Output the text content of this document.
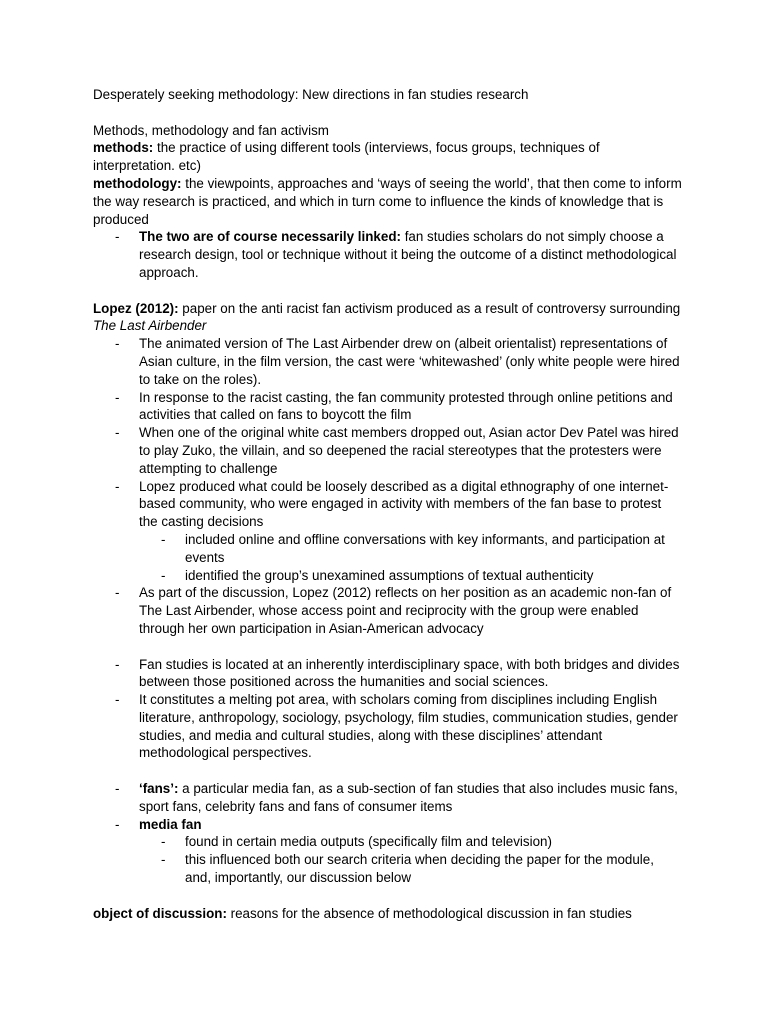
Desperately seeking methodology: New directions in fan studies research

Methods, methodology and fan activism

methods: the practice of using different tools (interviews, focus groups, techniques of interpretation. etc)

methodology: the viewpoints, approaches and ‘ways of seeing the world’, that then come to inform the way research is practiced, and which in turn come to influence the kinds of knowledge that is produced

- The two are of course necessarily linked: fan studies scholars do not simply choose a research design, tool or technique without it being the outcome of a distinct methodological approach.

Lopez (2012): paper on the anti racist fan activism produced as a result of controversy surrounding The Last Airbender

- The animated version of The Last Airbender drew on (albeit orientalist) representations of Asian culture, in the film version, the cast were ‘whitewashed’ (only white people were hired to take on the roles).
- In response to the racist casting, the fan community protested through online petitions and activities that called on fans to boycott the film
- When one of the original white cast members dropped out, Asian actor Dev Patel was hired to play Zuko, the villain, and so deepened the racial stereotypes that the protesters were attempting to challenge
- Lopez produced what could be loosely described as a digital ethnography of one internet-based community, who were engaged in activity with members of the fan base to protest the casting decisions
- included online and offline conversations with key informants, and participation at events
- identified the group’s unexamined assumptions of textual authenticity
- As part of the discussion, Lopez (2012) reflects on her position as an academic non-fan of The Last Airbender, whose access point and reciprocity with the group were enabled through her own participation in Asian-American advocacy
- Fan studies is located at an inherently interdisciplinary space, with both bridges and divides between those positioned across the humanities and social sciences.
- It constitutes a melting pot area, with scholars coming from disciplines including English literature, anthropology, sociology, psychology, film studies, communication studies, gender studies, and media and cultural studies, along with these disciplines’ attendant methodological perspectives.
- ‘fans’: a particular media fan, as a sub-section of fan studies that also includes music fans, sport fans, celebrity fans and fans of consumer items
- media fan
- found in certain media outputs (specifically film and television)
- this influenced both our search criteria when deciding the paper for the module, and, importantly, our discussion below

object of discussion: reasons for the absence of methodological discussion in fan studies
